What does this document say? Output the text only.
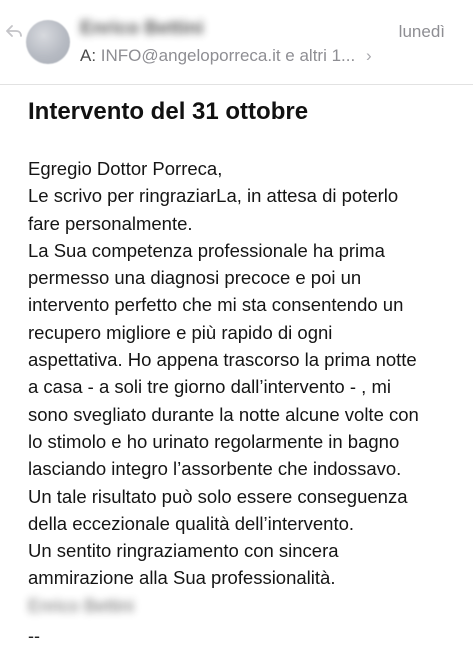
Enrico Bettini	lunedì
A: INFO@angeloporreca.it e altri 1... ›
Intervento del 31 ottobre
Egregio Dottor Porreca,
Le scrivo per ringraziarLa, in attesa di poterlo
fare personalmente.
La Sua competenza professionale ha prima
permesso una diagnosi precoce e poi un
intervento perfetto che mi sta consentendo un
recupero migliore e più rapido di ogni
aspettativa. Ho appena trascorso la prima notte
a casa - a soli tre giorno dall’intervento - , mi
sono svegliato durante la notte alcune volte con
lo stimolo e ho urinato regolarmente in bagno
lasciando integro l’assorbente che indossavo.
Un tale risultato può solo essere conseguenza
della eccezionale qualità dell’intervento.
Un sentito ringraziamento con sincera
ammirazione alla Sua professionalità.
Enrico Bettini
--
